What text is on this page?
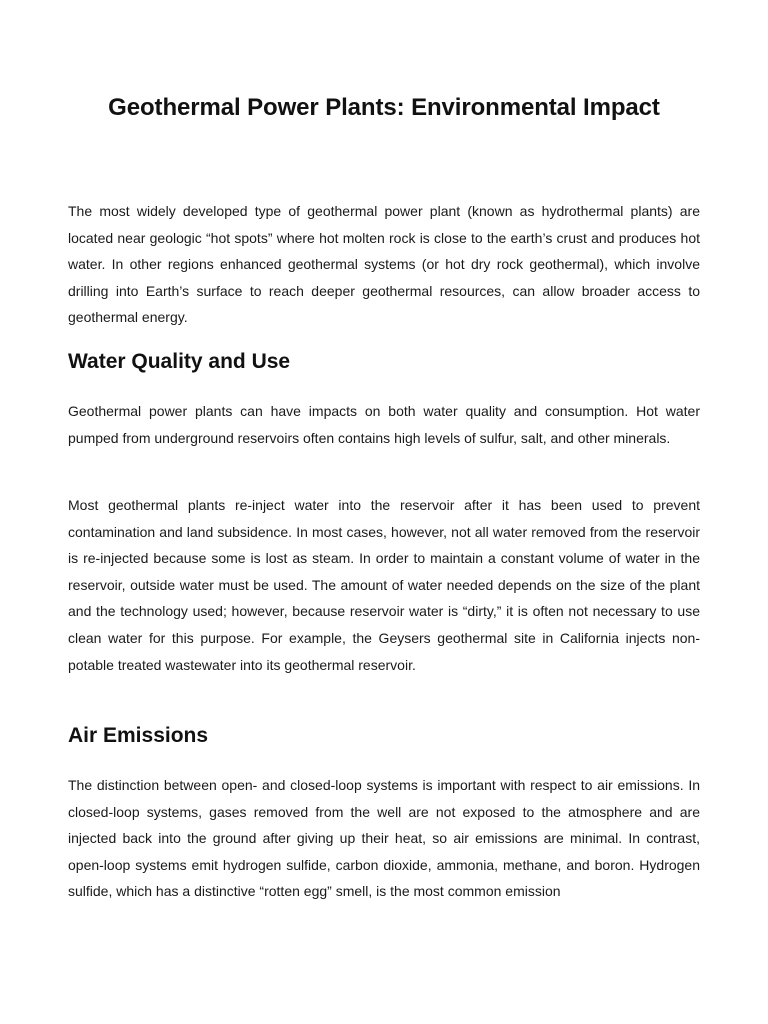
Geothermal Power Plants: Environmental Impact

The most widely developed type of geothermal power plant (known as hydrothermal plants) are located near geologic “hot spots” where hot molten rock is close to the earth’s crust and produces hot water. In other regions enhanced geothermal systems (or hot dry rock geothermal), which involve drilling into Earth’s surface to reach deeper geothermal resources, can allow broader access to geothermal energy.

Water Quality and Use

Geothermal power plants can have impacts on both water quality and consumption. Hot water pumped from underground reservoirs often contains high levels of sulfur, salt, and other minerals.

Most geothermal plants re-inject water into the reservoir after it has been used to prevent contamination and land subsidence. In most cases, however, not all water removed from the reservoir is re-injected because some is lost as steam. In order to maintain a constant volume of water in the reservoir, outside water must be used. The amount of water needed depends on the size of the plant and the technology used; however, because reservoir water is “dirty,” it is often not necessary to use clean water for this purpose. For example, the Geysers geothermal site in California injects non-potable treated wastewater into its geothermal reservoir.

Air Emissions

The distinction between open- and closed-loop systems is important with respect to air emissions. In closed-loop systems, gases removed from the well are not exposed to the atmosphere and are injected back into the ground after giving up their heat, so air emissions are minimal. In contrast, open-loop systems emit hydrogen sulfide, carbon dioxide, ammonia, methane, and boron. Hydrogen sulfide, which has a distinctive “rotten egg” smell, is the most common emission
